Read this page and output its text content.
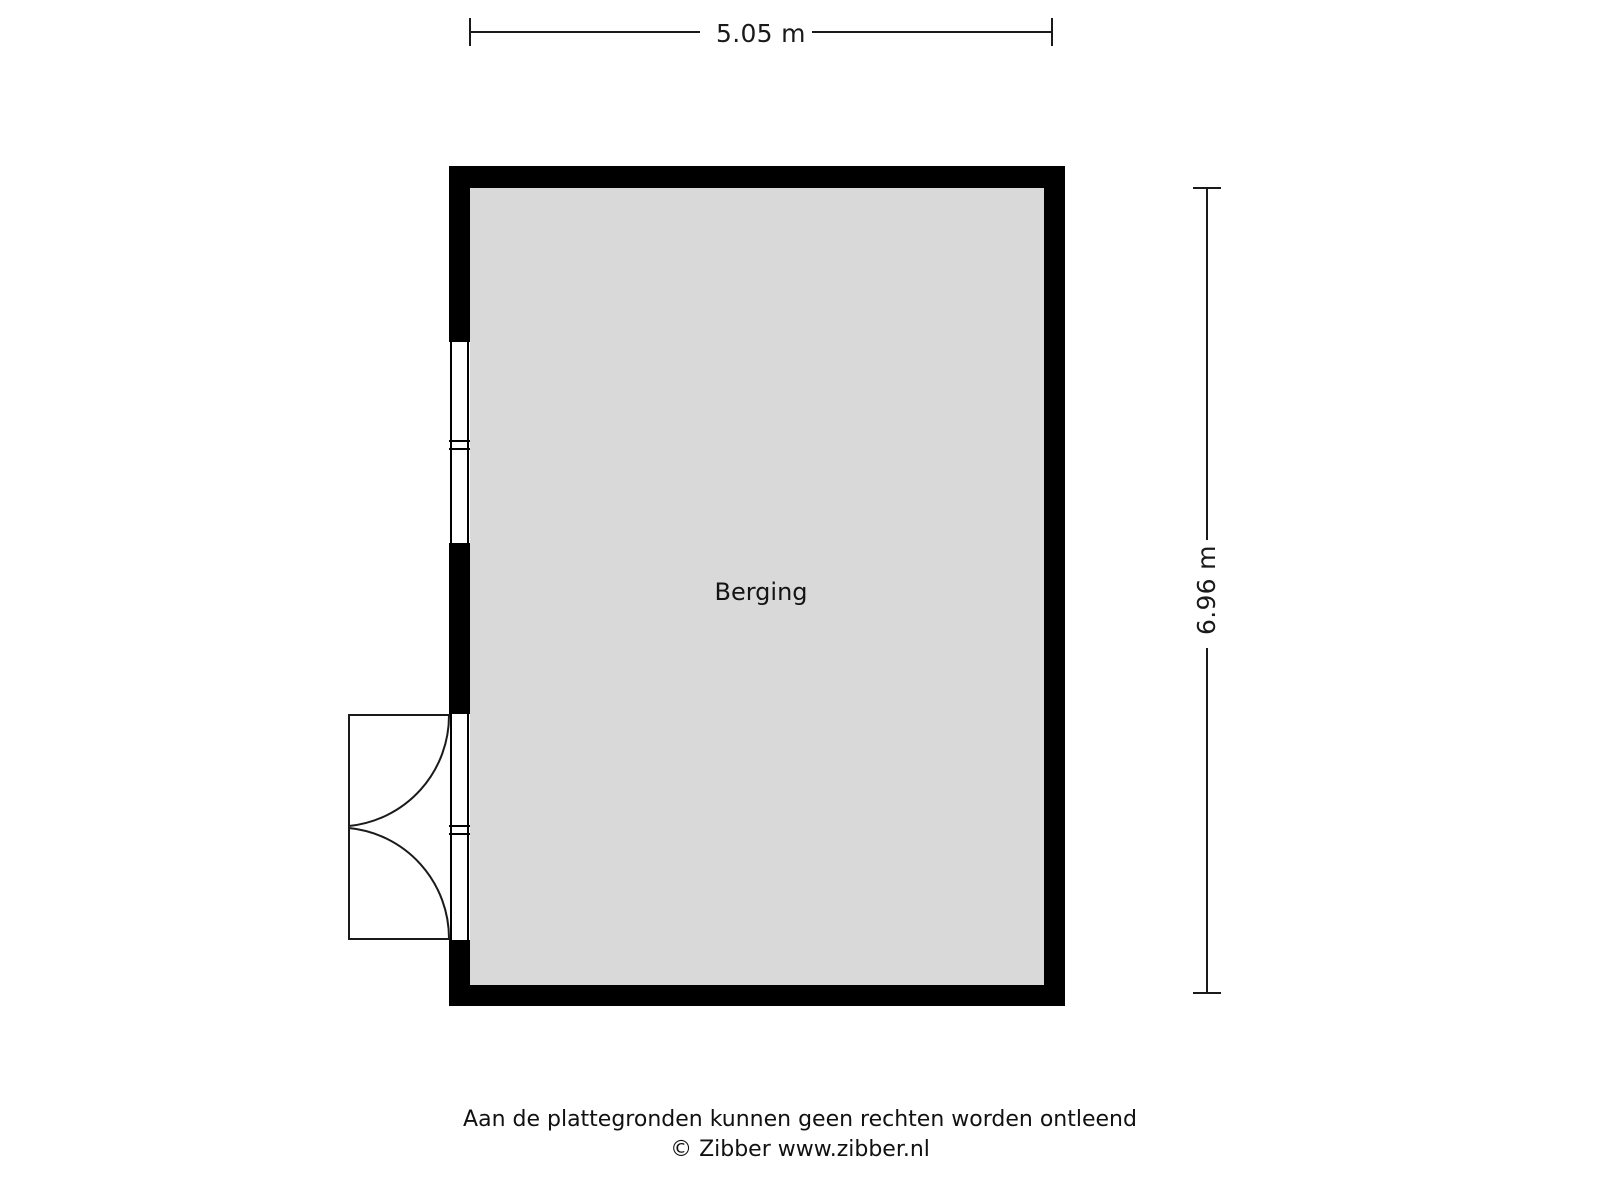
5.05 m
6.96 m
Berging
Aan de plattegronden kunnen geen rechten worden ontleend
© Zibber www.zibber.nl
